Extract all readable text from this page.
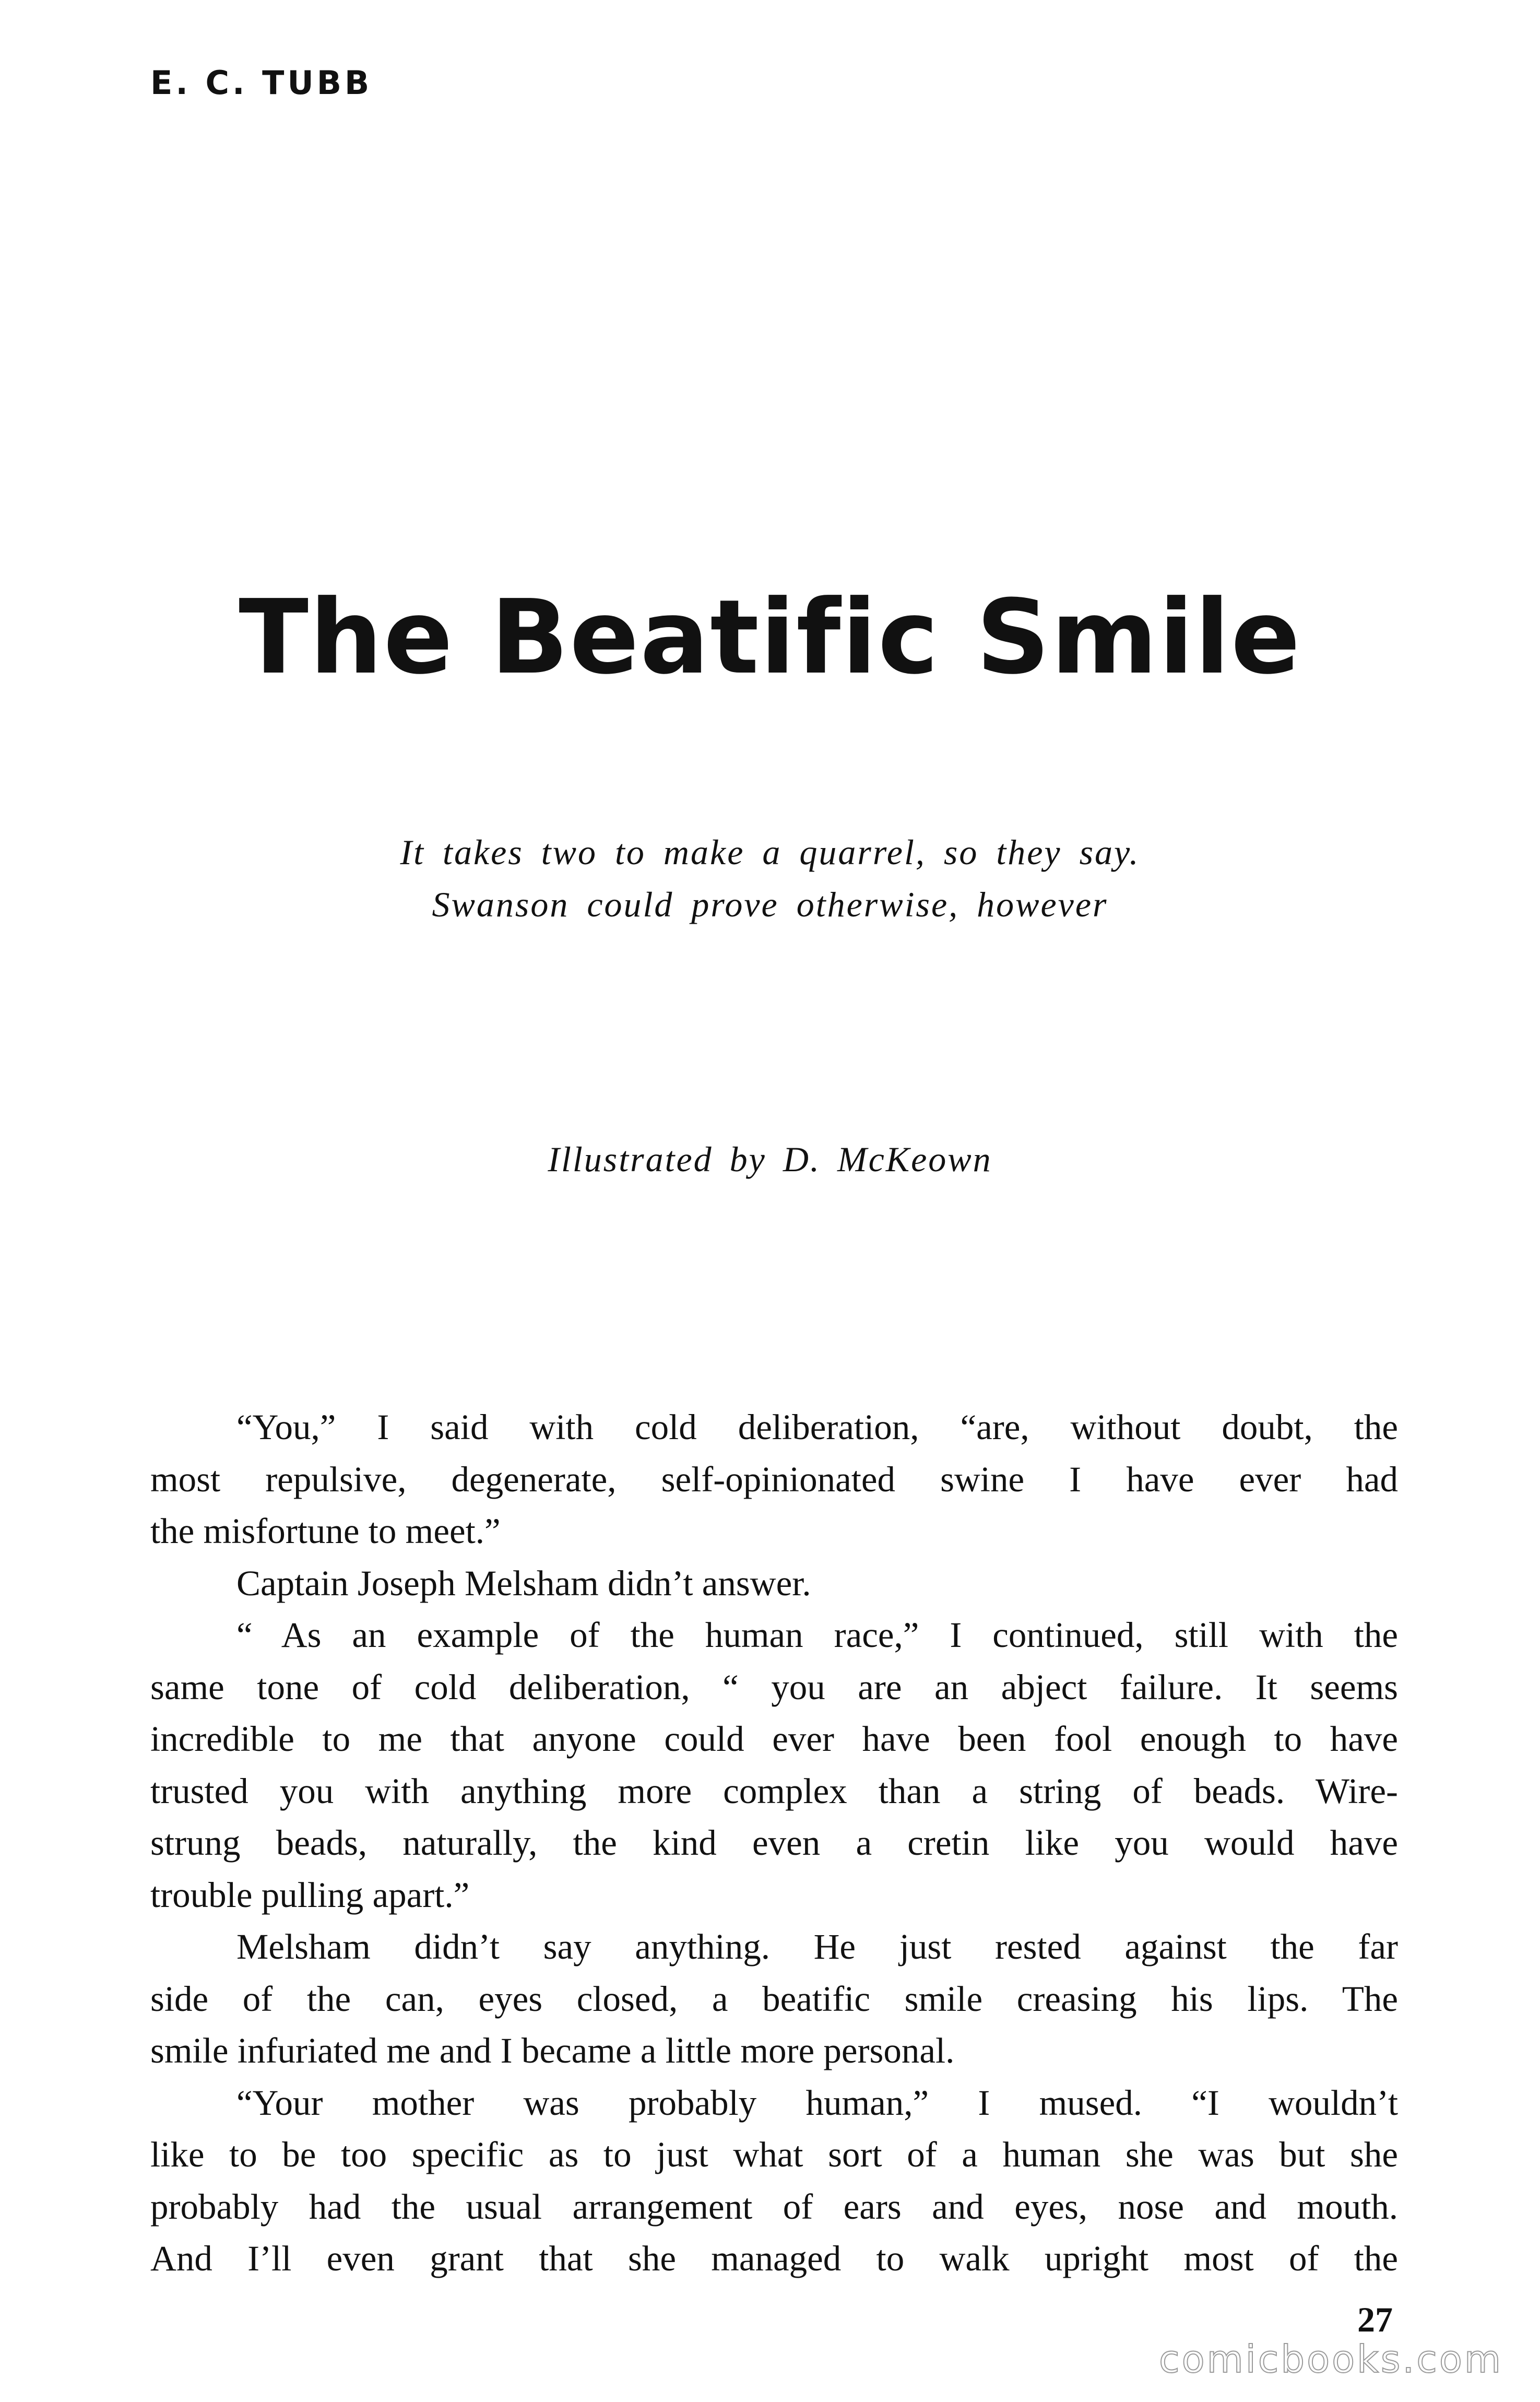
E. C. TUBB
The Beatific Smile
It takes two to make a quarrel, so they say.
Swanson could prove otherwise, however
Illustrated by D. McKeown
“You,” I said with cold deliberation, “are, without doubt, the
most repulsive, degenerate, self-opinionated swine I have ever had
the misfortune to meet.”
Captain Joseph Melsham didn’t answer.
“ As an example of the human race,” I continued, still with the
same tone of cold deliberation, “ you are an abject failure. It seems
incredible to me that anyone could ever have been fool enough to have
trusted you with anything more complex than a string of beads. Wire-
strung beads, naturally, the kind even a cretin like you would have
trouble pulling apart.”
Melsham didn’t say anything. He just rested against the far
side of the can, eyes closed, a beatific smile creasing his lips. The
smile infuriated me and I became a little more personal.
“Your mother was probably human,” I mused. “I wouldn’t
like to be too specific as to just what sort of a human she was but she
probably had the usual arrangement of ears and eyes, nose and mouth.
And I’ll even grant that she managed to walk upright most of the
27
comicbooks.com
